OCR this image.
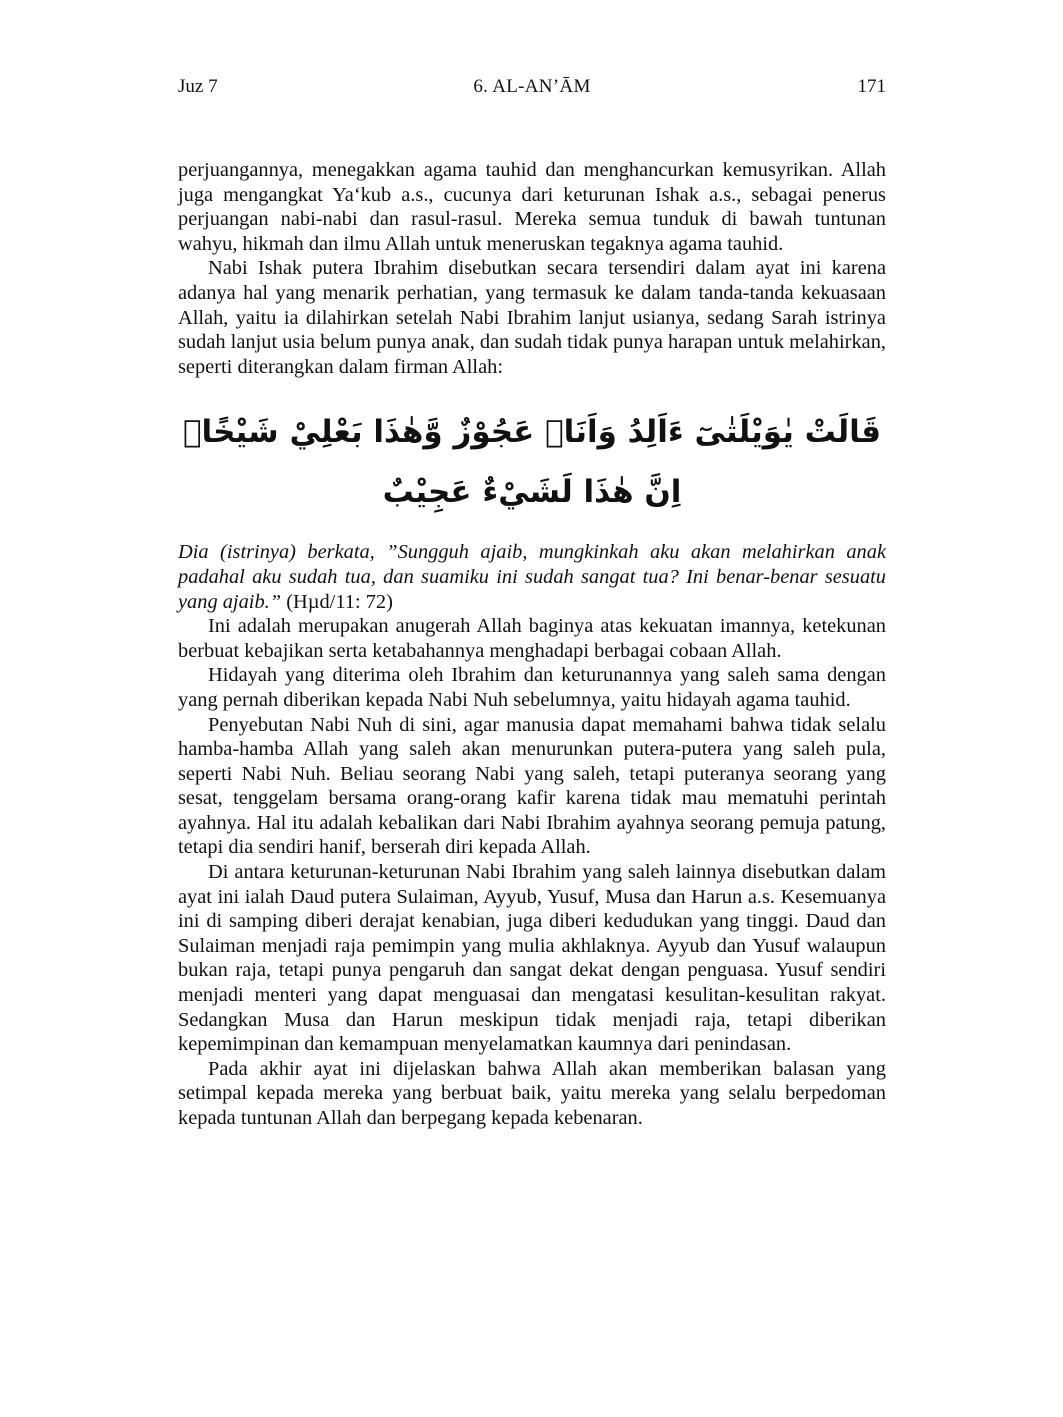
Juz 7	6. AL-AN’ĀM	171

perjuangannya, menegakkan agama tauhid dan menghancurkan kemusyrikan. Allah juga mengangkat Ya‘kub a.s., cucunya dari keturunan Ishak a.s., sebagai penerus perjuangan nabi-nabi dan rasul-rasul. Mereka semua tunduk di bawah tuntunan wahyu, hikmah dan ilmu Allah untuk meneruskan tegaknya agama tauhid.

Nabi Ishak putera Ibrahim disebutkan secara tersendiri dalam ayat ini karena adanya hal yang menarik perhatian, yang termasuk ke dalam tanda-tanda kekuasaan Allah, yaitu ia dilahirkan setelah Nabi Ibrahim lanjut usianya, sedang Sarah istrinya sudah lanjut usia belum punya anak, dan sudah tidak punya harapan untuk melahirkan, seperti diterangkan dalam firman Allah:

قَالَتْ يٰوَيْلَتٰىٓ ءَاَلِدُ وَاَنَا۠ عَجُوْزٌ وَّهٰذَا بَعْلِيْ شَيْخًاۗ اِنَّ هٰذَا لَشَيْءٌ عَجِيْبٌ

Dia (istrinya) berkata, ”Sungguh ajaib, mungkinkah aku akan melahirkan anak padahal aku sudah tua, dan suamiku ini sudah sangat tua? Ini benar-benar sesuatu yang ajaib.” (Hµd/11: 72)

Ini adalah merupakan anugerah Allah baginya atas kekuatan imannya, ketekunan berbuat kebajikan serta ketabahannya menghadapi berbagai cobaan Allah.

Hidayah yang diterima oleh Ibrahim dan keturunannya yang saleh sama dengan yang pernah diberikan kepada Nabi Nuh sebelumnya, yaitu hidayah agama tauhid.

Penyebutan Nabi Nuh di sini, agar manusia dapat memahami bahwa tidak selalu hamba-hamba Allah yang saleh akan menurunkan putera-putera yang saleh pula, seperti Nabi Nuh. Beliau seorang Nabi yang saleh, tetapi puteranya seorang yang sesat, tenggelam bersama orang-orang kafir karena tidak mau mematuhi perintah ayahnya. Hal itu adalah kebalikan dari Nabi Ibrahim ayahnya seorang pemuja patung, tetapi dia sendiri hanif, berserah diri kepada Allah.

Di antara keturunan-keturunan Nabi Ibrahim yang saleh lainnya disebutkan dalam ayat ini ialah Daud putera Sulaiman, Ayyub, Yusuf, Musa dan Harun a.s. Kesemuanya ini di samping diberi derajat kenabian, juga diberi kedudukan yang tinggi. Daud dan Sulaiman menjadi raja pemimpin yang mulia akhlaknya. Ayyub dan Yusuf walaupun bukan raja, tetapi punya pengaruh dan sangat dekat dengan penguasa. Yusuf sendiri menjadi menteri yang dapat menguasai dan mengatasi kesulitan-kesulitan rakyat. Sedangkan Musa dan Harun meskipun tidak menjadi raja, tetapi diberikan kepemimpinan dan kemampuan menyelamatkan kaumnya dari penindasan.

Pada akhir ayat ini dijelaskan bahwa Allah akan memberikan balasan yang setimpal kepada mereka yang berbuat baik, yaitu mereka yang selalu berpedoman kepada tuntunan Allah dan berpegang kepada kebenaran.
